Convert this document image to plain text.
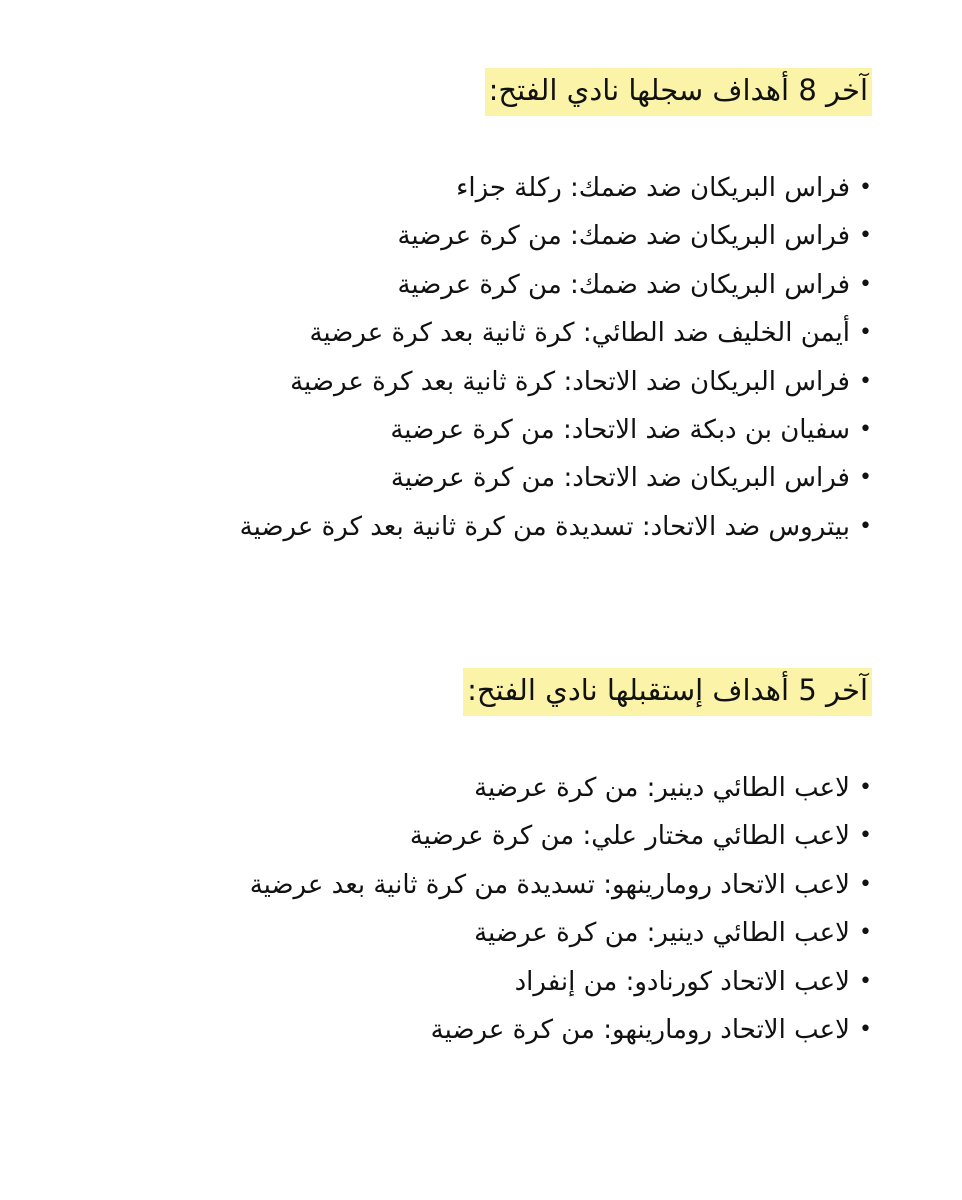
آخر 8 أهداف سجلها نادي الفتح:
•
فراس البريكان ضد ضمك: ركلة جزاء
•
فراس البريكان ضد ضمك: من كرة عرضية
•
فراس البريكان ضد ضمك: من كرة عرضية
•
أيمن الخليف ضد الطائي: كرة ثانية بعد كرة عرضية
•
فراس البريكان ضد الاتحاد: كرة ثانية بعد كرة عرضية
•
سفيان بن دبكة ضد الاتحاد: من كرة عرضية
•
فراس البريكان ضد الاتحاد: من كرة عرضية
•
بيتروس ضد الاتحاد: تسديدة من كرة ثانية بعد كرة عرضية
آخر 5 أهداف إستقبلها نادي الفتح:
•
لاعب الطائي دينير: من كرة عرضية
•
لاعب الطائي مختار علي: من كرة عرضية
•
لاعب الاتحاد رومارينهو: تسديدة من كرة ثانية بعد عرضية
•
لاعب الطائي دينير: من كرة عرضية
•
لاعب الاتحاد كورنادو: من إنفراد
•
لاعب الاتحاد رومارينهو: من كرة عرضية
